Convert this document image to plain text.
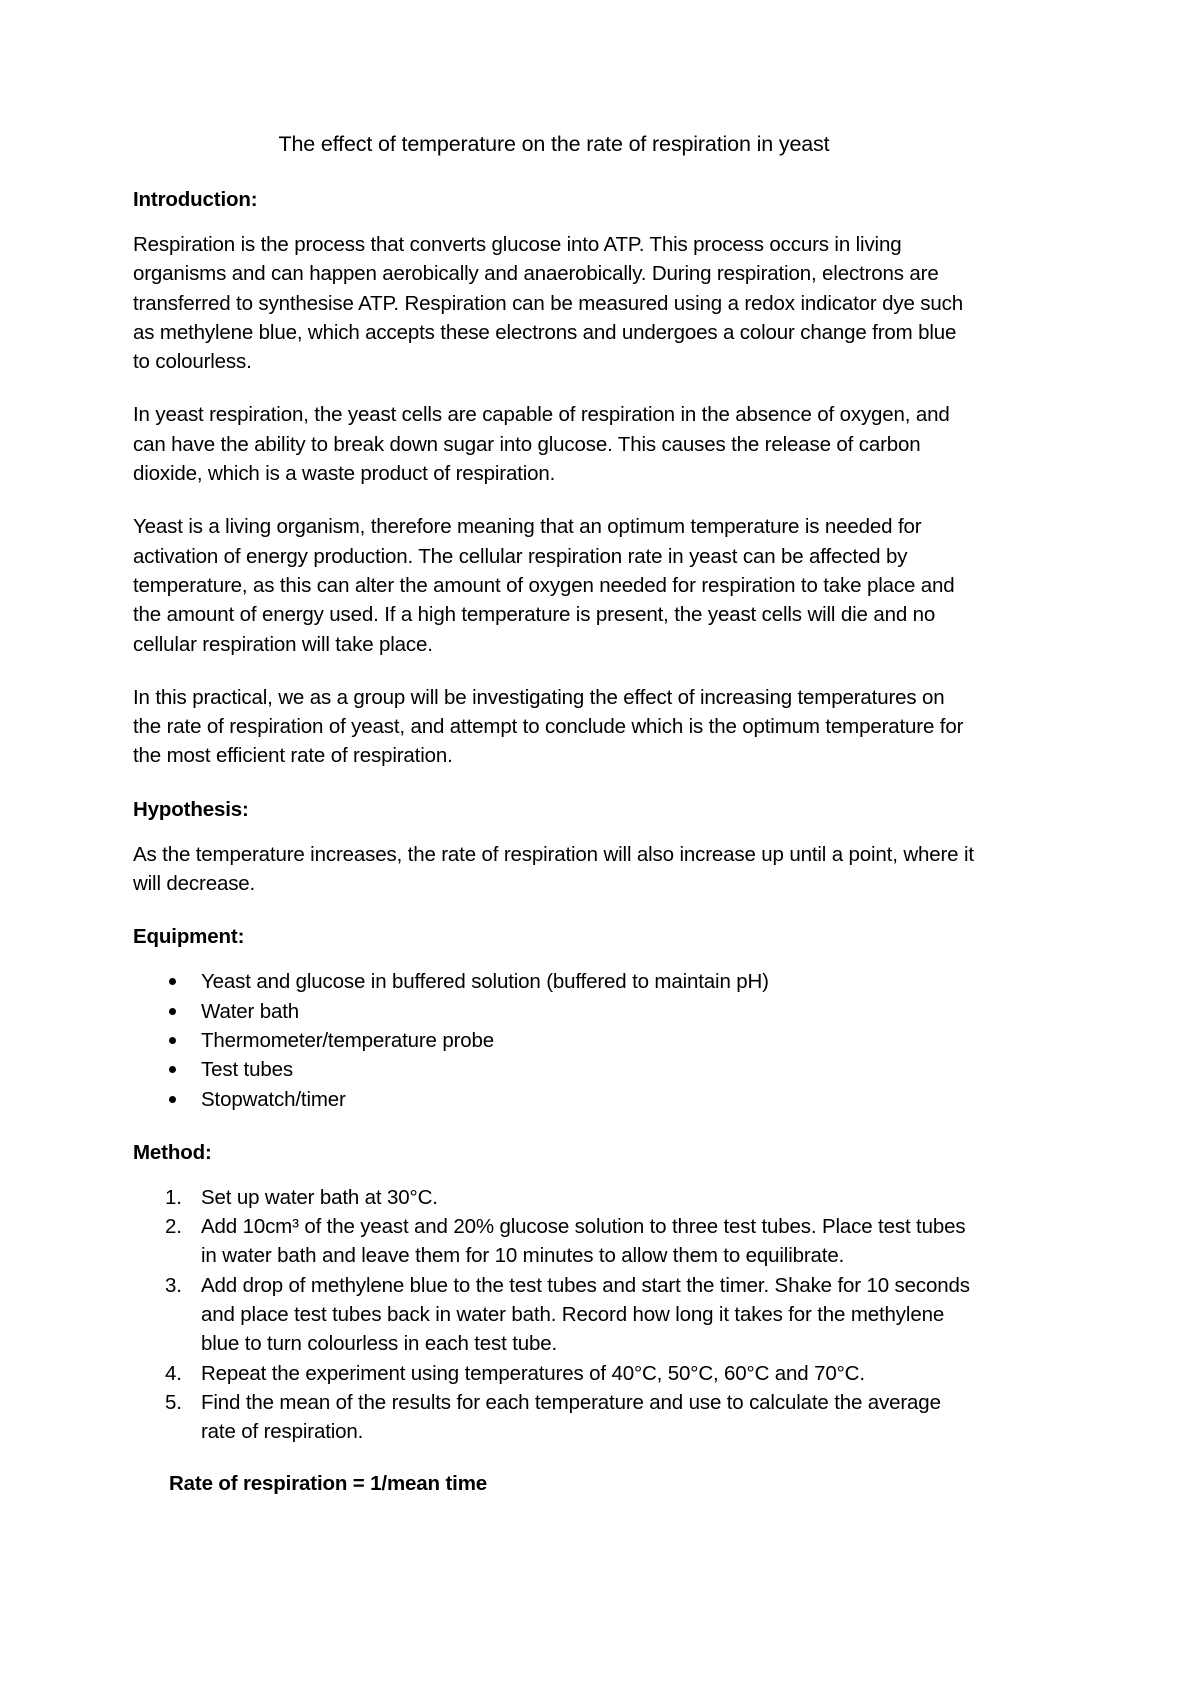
The effect of temperature on the rate of respiration in yeast
Introduction:

Respiration is the process that converts glucose into ATP. This process occurs in living organisms and can happen aerobically and anaerobically. During respiration, electrons are transferred to synthesise ATP. Respiration can be measured using a redox indicator dye such as methylene blue, which accepts these electrons and undergoes a colour change from blue to colourless.

In yeast respiration, the yeast cells are capable of respiration in the absence of oxygen, and can have the ability to break down sugar into glucose. This causes the release of carbon dioxide, which is a waste product of respiration.

Yeast is a living organism, therefore meaning that an optimum temperature is needed for activation of energy production. The cellular respiration rate in yeast can be affected by temperature, as this can alter the amount of oxygen needed for respiration to take place and the amount of energy used. If a high temperature is present, the yeast cells will die and no cellular respiration will take place.

In this practical, we as a group will be investigating the effect of increasing temperatures on the rate of respiration of yeast, and attempt to conclude which is the optimum temperature for the most efficient rate of respiration.

Hypothesis:

As the temperature increases, the rate of respiration will also increase up until a point, where it will decrease.

Equipment:
Yeast and glucose in buffered solution (buffered to maintain pH)
Water bath
Thermometer/temperature probe
Test tubes
Stopwatch/timer
Method:
1. Set up water bath at 30°C.
2. Add 10cm³ of the yeast and 20% glucose solution to three test tubes. Place test tubes in water bath and leave them for 10 minutes to allow them to equilibrate.
3. Add drop of methylene blue to the test tubes and start the timer. Shake for 10 seconds and place test tubes back in water bath. Record how long it takes for the methylene blue to turn colourless in each test tube.
4. Repeat the experiment using temperatures of 40°C, 50°C, 60°C and 70°C.
5. Find the mean of the results for each temperature and use to calculate the average rate of respiration.

Rate of respiration = 1/mean time
